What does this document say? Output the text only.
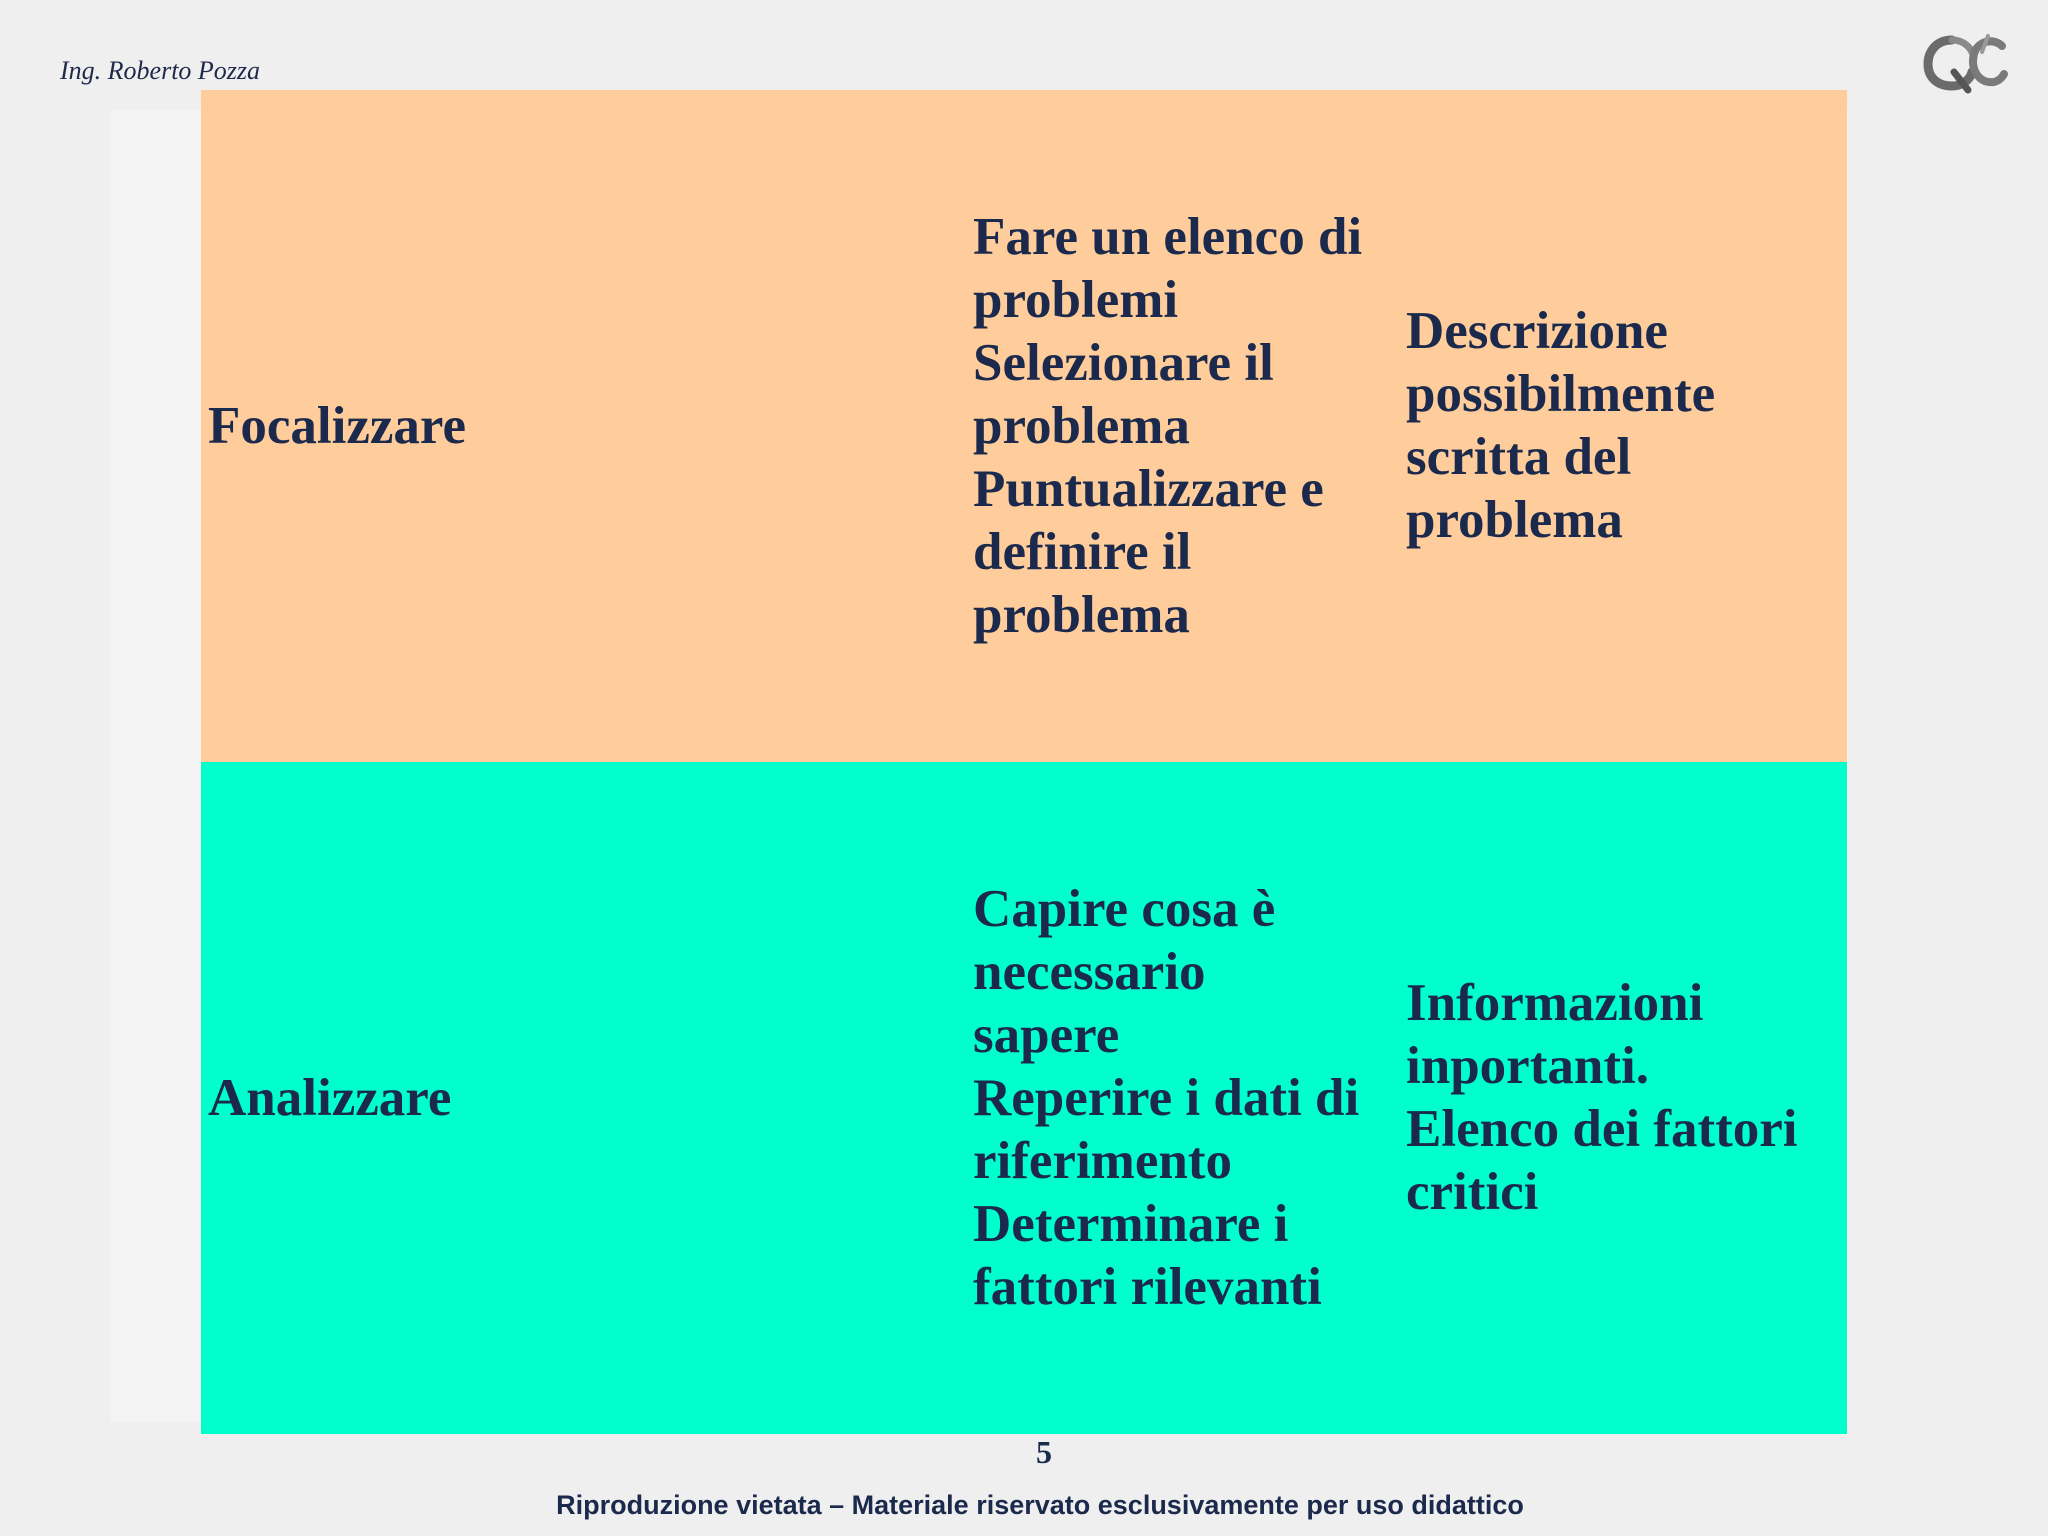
Ing. Roberto Pozza
Focalizzare
Fare un elenco di
problemi
Selezionare il
problema
Puntualizzare e
definire il
problema
Descrizione
possibilmente
scritta del
problema
Analizzare
Capire cosa è
necessario
sapere
Reperire i dati di
riferimento
Determinare i
fattori rilevanti
Informazioni
inportanti.
Elenco dei fattori
critici
5
Riproduzione vietata – Materiale riservato esclusivamente per uso didattico
